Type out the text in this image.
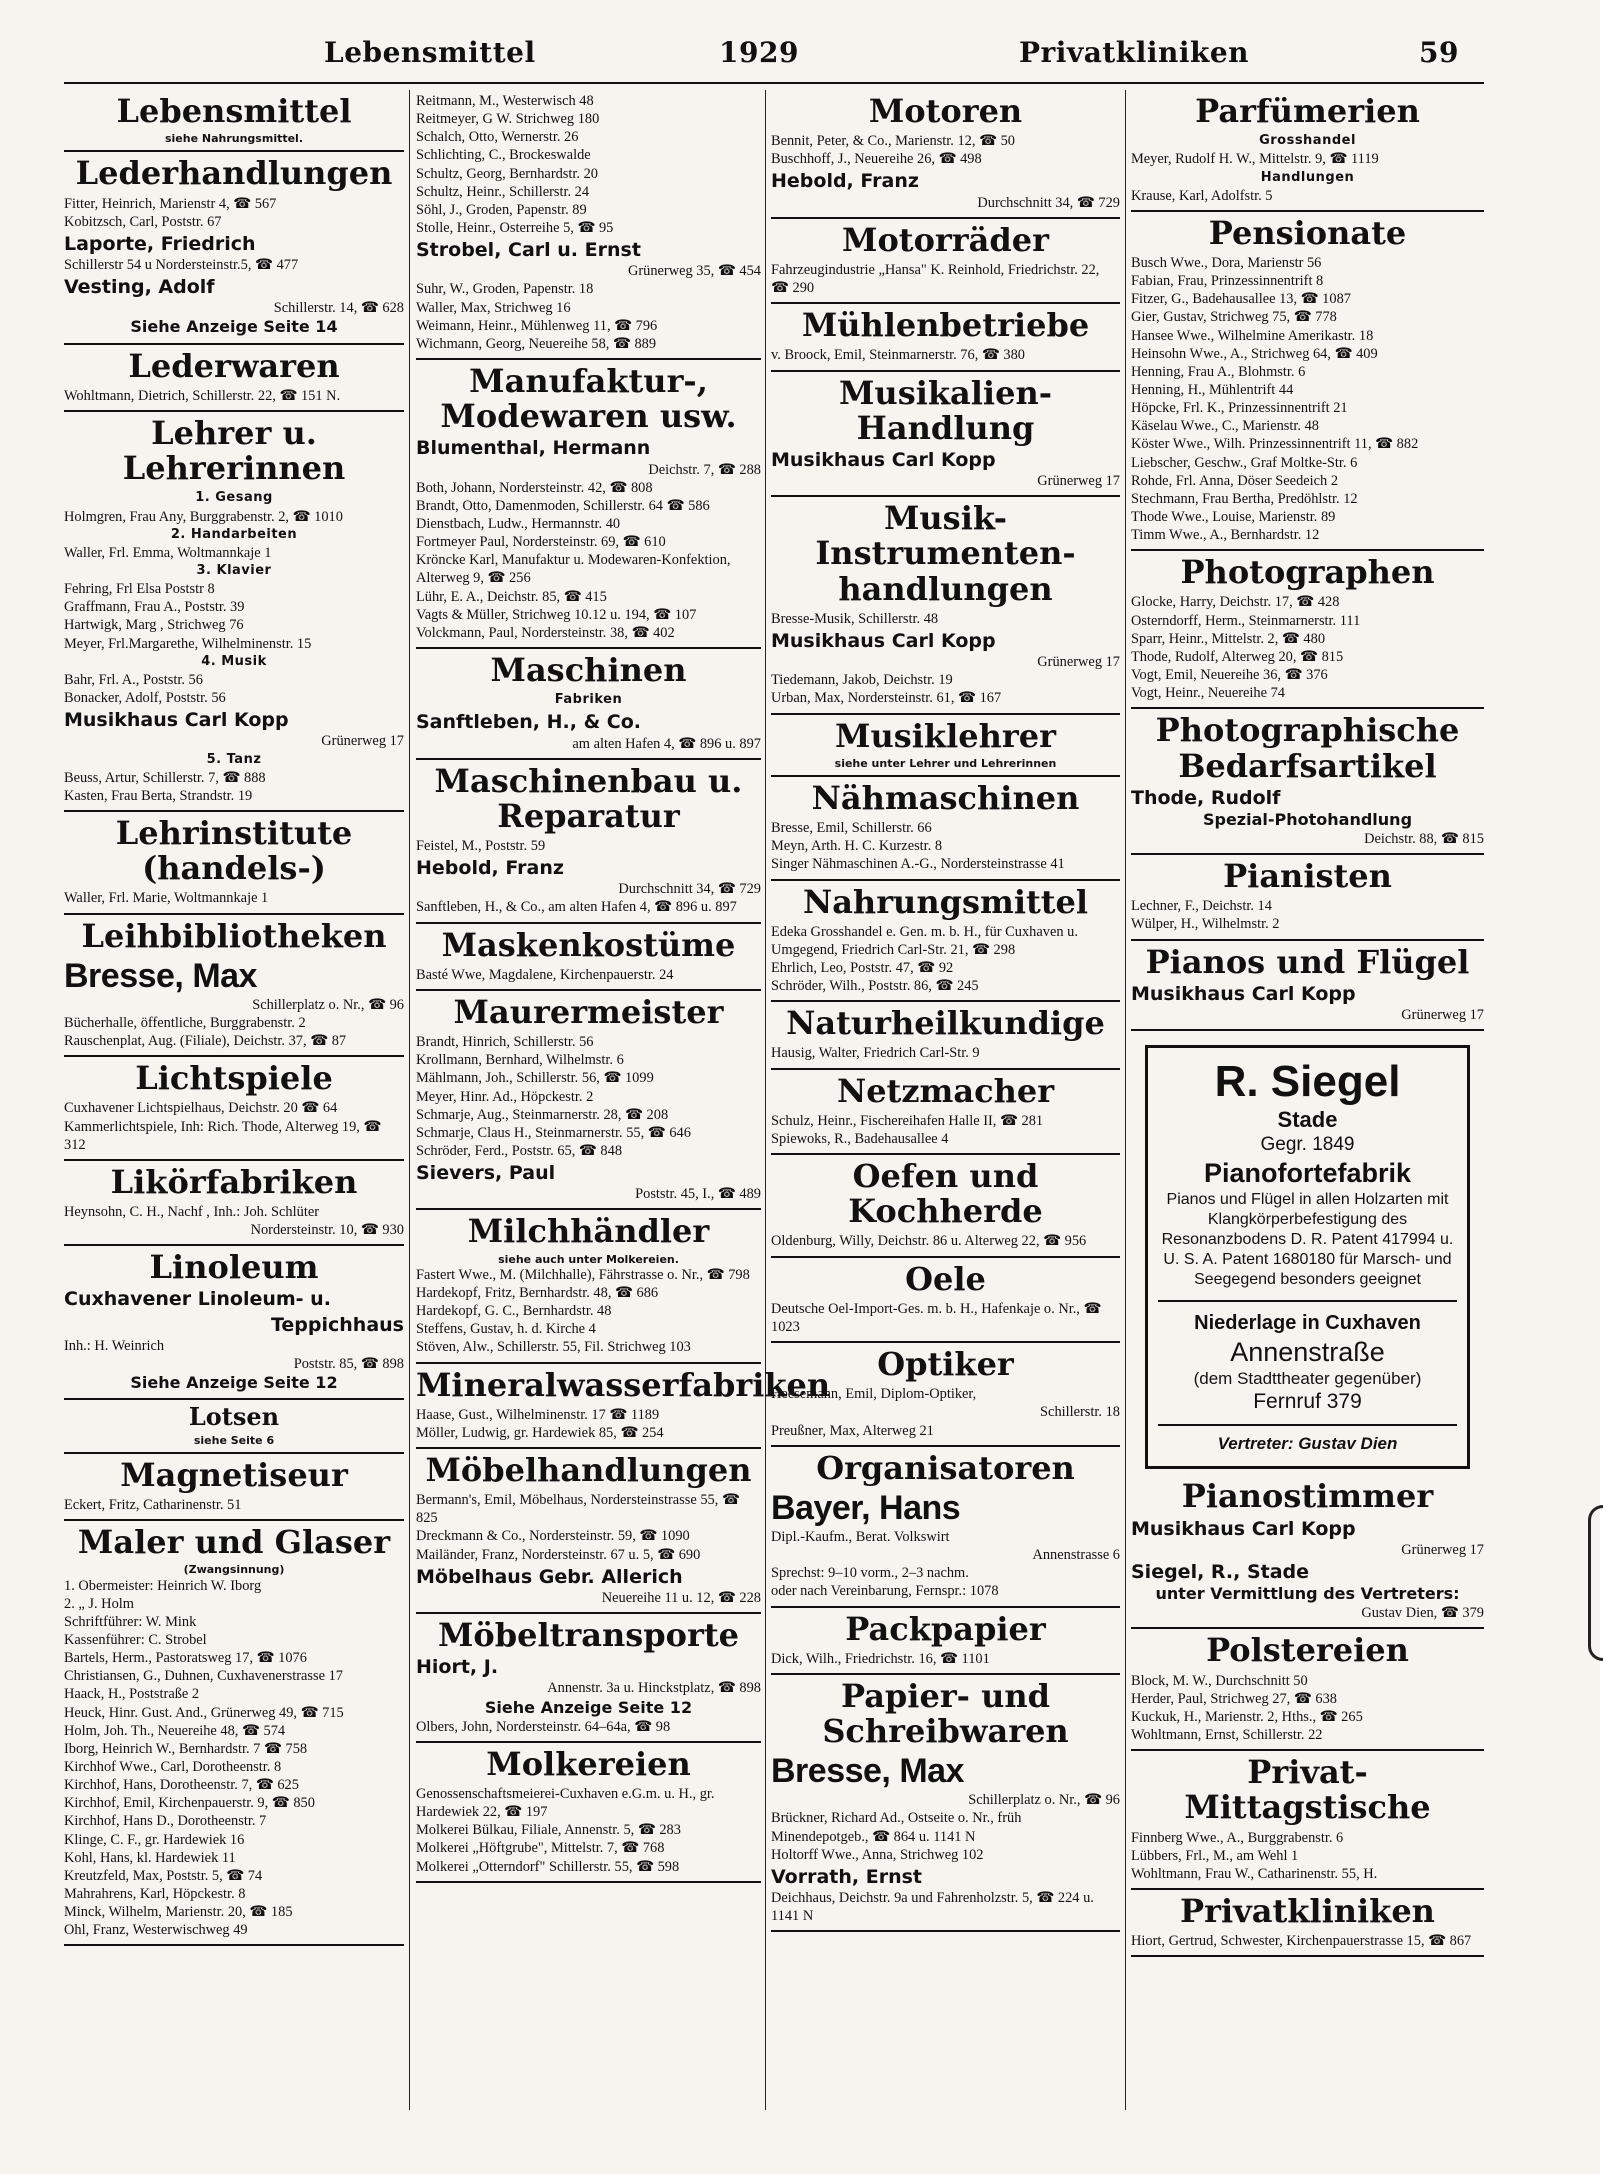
Lebensmittel	1929	Privatkliniken	59
Lebensmittel
siehe Nahrungsmittel.
Lederhandlungen
Fitter, Heinrich, Marienstr 4, ☎ 567
Kobitzsch, Carl, Poststr. 67
Laporte, Friedrich
Schillerstr 54 u Nordersteinstr.5, ☎ 477
Vesting, Adolf
Schillerstr. 14, ☎ 628
Siehe Anzeige Seite 14
Lederwaren
Wohltmann, Dietrich, Schillerstr. 22, ☎ 151 N.
Lehrer u. Lehrerinnen
1. Gesang
Holmgren, Frau Any, Burggrabenstr. 2, ☎ 1010
2. Handarbeiten
Waller, Frl. Emma, Woltmannkaje 1
3. Klavier
Fehring, Frl Elsa Poststr 8
Graffmann, Frau A., Poststr. 39
Hartwigk, Marg , Strichweg 76
Meyer, Frl.Margarethe, Wilhelminenstr. 15
4. Musik
Bahr, Frl. A., Poststr. 56
Bonacker, Adolf, Poststr. 56
Musikhaus Carl Kopp
Grünerweg 17
5. Tanz
Beuss, Artur, Schillerstr. 7, ☎ 888
Kasten, Frau Berta, Strandstr. 19
Lehrinstitute (handels-)
Waller, Frl. Marie, Woltmannkaje 1
Leihbibliotheken
Bresse, Max
Schillerplatz o. Nr., ☎ 96
Bücherhalle, öffentliche, Burggrabenstr. 2
Rauschenplat, Aug. (Filiale), Deichstr. 37, ☎ 87
Lichtspiele
Cuxhavener Lichtspielhaus, Deichstr. 20 ☎ 64
Kammerlichtspiele, Inh: Rich. Thode, Alterweg 19, ☎ 312
Likörfabriken
Heynsohn, C. H., Nachf , Inh.: Joh. Schlüter
Nordersteinstr. 10, ☎ 930
Linoleum
Cuxhavener Linoleum- u.
Teppichhaus
Inh.: H. Weinrich
Poststr. 85, ☎ 898
Siehe Anzeige Seite 12
Lotsen
siehe Seite 6
Magnetiseur
Eckert, Fritz, Catharinenstr. 51
Maler und Glaser
(Zwangsinnung)
1. Obermeister: Heinrich W. Iborg
2. „ J. Holm
Schriftführer: W. Mink
Kassenführer: C. Strobel
Bartels, Herm., Pastoratsweg 17, ☎ 1076
Christiansen, G., Duhnen, Cuxhavenerstrasse 17
Haack, H., Poststraße 2
Heuck, Hinr. Gust. And., Grünerweg 49, ☎ 715
Holm, Joh. Th., Neuereihe 48, ☎ 574
Iborg, Heinrich W., Bernhardstr. 7 ☎ 758
Kirchhof Wwe., Carl, Dorotheenstr. 8
Kirchhof, Hans, Dorotheenstr. 7, ☎ 625
Kirchhof, Emil, Kirchenpauerstr. 9, ☎ 850
Kirchhof, Hans D., Dorotheenstr. 7
Klinge, C. F., gr. Hardewiek 16
Kohl, Hans, kl. Hardewiek 11
Kreutzfeld, Max, Poststr. 5, ☎ 74
Mahrahrens, Karl, Höpckestr. 8
Minck, Wilhelm, Marienstr. 20, ☎ 185
Ohl, Franz, Westerwischweg 49
Reitmann, M., Westerwisch 48
Reitmeyer, G W. Strichweg 180
Schalch, Otto, Wernerstr. 26
Schlichting, C., Brockeswalde
Schultz, Georg, Bernhardstr. 20
Schultz, Heinr., Schillerstr. 24
Söhl, J., Groden, Papenstr. 89
Stolle, Heinr., Osterreihe 5, ☎ 95
Strobel, Carl u. Ernst
Grünerweg 35, ☎ 454
Suhr, W., Groden, Papenstr. 18
Waller, Max, Strichweg 16
Weimann, Heinr., Mühlenweg 11, ☎ 796
Wichmann, Georg, Neuereihe 58, ☎ 889
Manufaktur-, Modewaren usw.
Blumenthal, Hermann
Deichstr. 7, ☎ 288
Both, Johann, Nordersteinstr. 42, ☎ 808
Brandt, Otto, Damenmoden, Schillerstr. 64 ☎ 586
Dienstbach, Ludw., Hermannstr. 40
Fortmeyer Paul, Nordersteinstr. 69, ☎ 610
Kröncke Karl, Manufaktur u. Modewaren-Konfektion, Alterweg 9, ☎ 256
Lühr, E. A., Deichstr. 85, ☎ 415
Vagts & Müller, Strichweg 10.12 u. 194, ☎ 107
Volckmann, Paul, Nordersteinstr. 38, ☎ 402
Maschinen
Fabriken
Sanftleben, H., & Co.
am alten Hafen 4, ☎ 896 u. 897
Maschinenbau u. Reparatur
Feistel, M., Poststr. 59
Hebold, Franz
Durchschnitt 34, ☎ 729
Sanftleben, H., & Co., am alten Hafen 4, ☎ 896 u. 897
Maskenkostüme
Basté Wwe, Magdalene, Kirchenpauerstr. 24
Maurermeister
Brandt, Hinrich, Schillerstr. 56
Krollmann, Bernhard, Wilhelmstr. 6
Mählmann, Joh., Schillerstr. 56, ☎ 1099
Meyer, Hinr. Ad., Höpckestr. 2
Schmarje, Aug., Steinmarnerstr. 28, ☎ 208
Schmarje, Claus H., Steinmarnerstr. 55, ☎ 646
Schröder, Ferd., Poststr. 65, ☎ 848
Sievers, Paul
Poststr. 45, I., ☎ 489
Milchhändler
siehe auch unter Molkereien.
Fastert Wwe., M. (Milchhalle), Fährstrasse o. Nr., ☎ 798
Hardekopf, Fritz, Bernhardstr. 48, ☎ 686
Hardekopf, G. C., Bernhardstr. 48
Steffens, Gustav, h. d. Kirche 4
Stöven, Alw., Schillerstr. 55, Fil. Strichweg 103
Mineralwasserfabriken
Haase, Gust., Wilhelminenstr. 17 ☎ 1189
Möller, Ludwig, gr. Hardewiek 85, ☎ 254
Möbelhandlungen
Bermann's, Emil, Möbelhaus, Nordersteinstrasse 55, ☎ 825
Dreckmann & Co., Nordersteinstr. 59, ☎ 1090
Mailänder, Franz, Nordersteinstr. 67 u. 5, ☎ 690
Möbelhaus Gebr. Allerich
Neuereihe 11 u. 12, ☎ 228
Möbeltransporte
Hiort, J.
Annenstr. 3a u. Hinckstplatz, ☎ 898
Siehe Anzeige Seite 12
Olbers, John, Nordersteinstr. 64–64a, ☎ 98
Molkereien
Genossenschaftsmeierei-Cuxhaven e.G.m. u. H., gr. Hardewiek 22, ☎ 197
Molkerei Bülkau, Filiale, Annenstr. 5, ☎ 283
Molkerei „Höftgrube", Mittelstr. 7, ☎ 768
Molkerei „Otterndorf" Schillerstr. 55, ☎ 598
Motoren
Bennit, Peter, & Co., Marienstr. 12, ☎ 50
Buschhoff, J., Neuereihe 26, ☎ 498
Hebold, Franz
Durchschnitt 34, ☎ 729
Motorräder
Fahrzeugindustrie „Hansa" K. Reinhold, Friedrichstr. 22, ☎ 290
Mühlenbetriebe
v. Broock, Emil, Steinmarnerstr. 76, ☎ 380
Musikalien-Handlung
Musikhaus Carl Kopp
Grünerweg 17
Musik-Instrumenten-handlungen
Bresse-Musik, Schillerstr. 48
Musikhaus Carl Kopp
Grünerweg 17
Tiedemann, Jakob, Deichstr. 19
Urban, Max, Nordersteinstr. 61, ☎ 167
Musiklehrer
siehe unter Lehrer und Lehrerinnen
Nähmaschinen
Bresse, Emil, Schillerstr. 66
Meyn, Arth. H. C. Kurzestr. 8
Singer Nähmaschinen A.-G., Nordersteinstrasse 41
Nahrungsmittel
Edeka Grosshandel e. Gen. m. b. H., für Cuxhaven u. Umgegend, Friedrich Carl-Str. 21, ☎ 298
Ehrlich, Leo, Poststr. 47, ☎ 92
Schröder, Wilh., Poststr. 86, ☎ 245
Naturheilkundige
Hausig, Walter, Friedrich Carl-Str. 9
Netzmacher
Schulz, Heinr., Fischereihafen Halle II, ☎ 281
Spiewoks, R., Badehausallee 4
Oefen und Kochherde
Oldenburg, Willy, Deichstr. 86 u. Alterweg 22, ☎ 956
Oele
Deutsche Oel-Import-Ges. m. b. H., Hafenkaje o. Nr., ☎ 1023
Optiker
Heesemann, Emil, Diplom-Optiker,
Schillerstr. 18
Preußner, Max, Alterweg 21
Organisatoren
Bayer, Hans
Dipl.-Kaufm., Berat. Volkswirt
Annenstrasse 6
Sprechst: 9–10 vorm., 2–3 nachm.
oder nach Vereinbarung, Fernspr.: 1078
Packpapier
Dick, Wilh., Friedrichstr. 16, ☎ 1101
Papier- und Schreibwaren
Bresse, Max
Schillerplatz o. Nr., ☎ 96
Brückner, Richard Ad., Ostseite o. Nr., früh Minendepotgeb., ☎ 864 u. 1141 N
Holtorff Wwe., Anna, Strichweg 102
Vorrath, Ernst
Deichhaus, Deichstr. 9a und Fahrenholzstr. 5, ☎ 224 u. 1141 N
Parfümerien
Grosshandel
Meyer, Rudolf H. W., Mittelstr. 9, ☎ 1119
Handlungen
Krause, Karl, Adolfstr. 5
Pensionate
Busch Wwe., Dora, Marienstr 56
Fabian, Frau, Prinzessinnentrift 8
Fitzer, G., Badehausallee 13, ☎ 1087
Gier, Gustav, Strichweg 75, ☎ 778
Hansee Wwe., Wilhelmine Amerikastr. 18
Heinsohn Wwe., A., Strichweg 64, ☎ 409
Henning, Frau A., Blohmstr. 6
Henning, H., Mühlentrift 44
Höpcke, Frl. K., Prinzessinnentrift 21
Käselau Wwe., C., Marienstr. 48
Köster Wwe., Wilh. Prinzessinnentrift 11, ☎ 882
Liebscher, Geschw., Graf Moltke-Str. 6
Rohde, Frl. Anna, Döser Seedeich 2
Stechmann, Frau Bertha, Predöhlstr. 12
Thode Wwe., Louise, Marienstr. 89
Timm Wwe., A., Bernhardstr. 12
Photographen
Glocke, Harry, Deichstr. 17, ☎ 428
Osterndorff, Herm., Steinmarnerstr. 111
Sparr, Heinr., Mittelstr. 2, ☎ 480
Thode, Rudolf, Alterweg 20, ☎ 815
Vogt, Emil, Neuereihe 36, ☎ 376
Vogt, Heinr., Neuereihe 74
Photographische Bedarfsartikel
Thode, Rudolf
Spezial-Photohandlung
Deichstr. 88, ☎ 815
Pianisten
Lechner, F., Deichstr. 14
Wülper, H., Wilhelmstr. 2
Pianos und Flügel
Musikhaus Carl Kopp
Grünerweg 17
R. Siegel
Stade
Gegr. 1849
Pianofortefabrik
Pianos und Flügel in allen Holzarten mit Klangkörperbefestigung des Resonanzbodens D. R. Patent 417994 u. U. S. A. Patent 1680180 für Marsch- und Seegegend besonders geeignet
Niederlage in Cuxhaven
Annenstraße
(dem Stadttheater gegenüber)
Fernruf 379
Vertreter: Gustav Dien
Pianostimmer
Musikhaus Carl Kopp
Grünerweg 17
Siegel, R., Stade
unter Vermittlung des Vertreters:
Gustav Dien, ☎ 379
Polstereien
Block, M. W., Durchschnitt 50
Herder, Paul, Strichweg 27, ☎ 638
Kuckuk, H., Marienstr. 2, Hths., ☎ 265
Wohltmann, Ernst, Schillerstr. 22
Privat-Mittagstische
Finnberg Wwe., A., Burggrabenstr. 6
Lübbers, Frl., M., am Wehl 1
Wohltmann, Frau W., Catharinenstr. 55, H.
Privatkliniken
Hiort, Gertrud, Schwester, Kirchenpauerstrasse 15, ☎ 867
